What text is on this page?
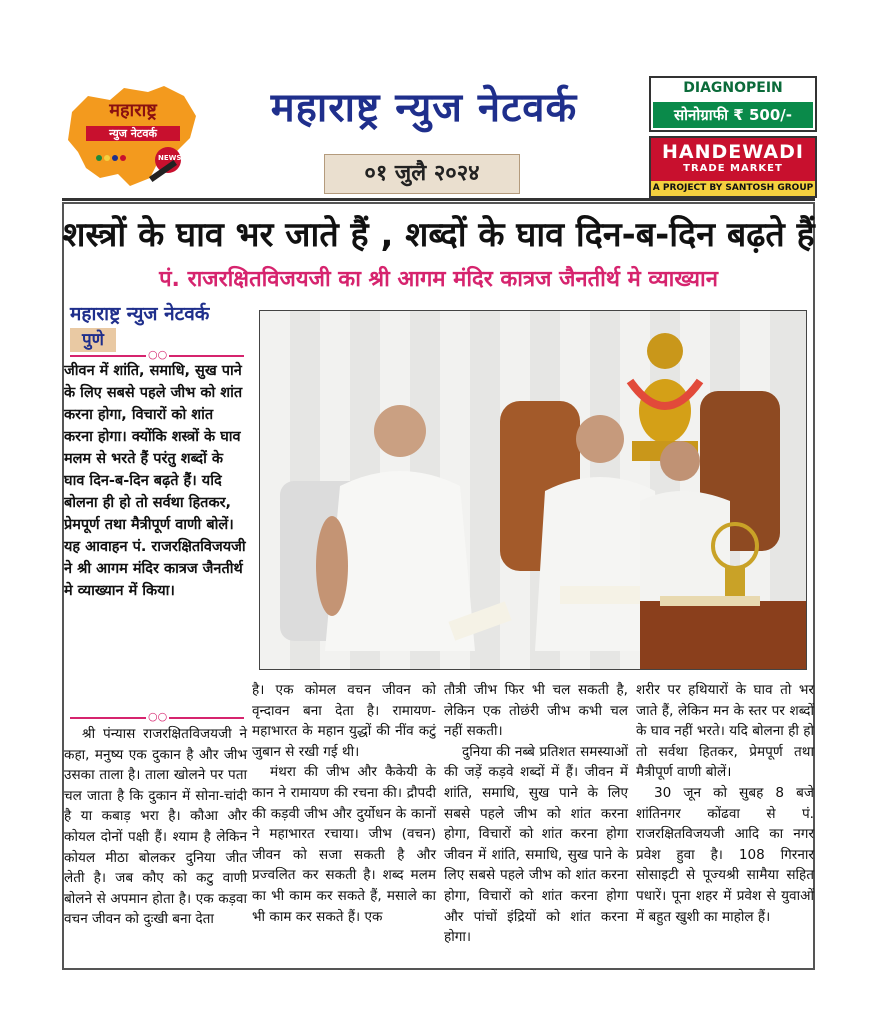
महाराष्ट्र
न्युज नेटवर्क
NEWS
महाराष्ट्र न्युज नेटवर्क
०१ जुलै २०२४
DIAGNOPEIN
सोनोग्राफी ₹ 500/-
HANDEWADI
TRADE MARKET
A PROJECT BY SANTOSH GROUP
शस्त्रों के घाव भर जाते हैं , शब्दों के घाव दिन-ब-दिन बढ़ते हैं
पं. राजरक्षितविजयजी का श्री आगम मंदिर कात्रज जैनतीर्थ मे व्याख्यान
महाराष्ट्र न्युज नेटवर्क
पुणे
○○
जीवन में शांति, समाधि, सुख पाने के लिए सबसे पहले जीभ को शांत करना होगा, विचारों को शांत करना होगा। क्योंकि शस्त्रों के घाव मलम से भरते हैं परंतु शब्दों के घाव दिन-ब-दिन बढ़ते हैं। यदि बोलना ही हो तो सर्वथा हितकर, प्रेमपूर्ण तथा मैत्रीपूर्ण वाणी बोलें। यह आवाहन पं. राजरक्षितविजयजी ने श्री आगम मंदिर कात्रज जैनतीर्थ मे व्याख्यान में किया।
○○

श्री पंन्यास राजरक्षितविजयजी ने कहा, मनुष्य एक दुकान है और जीभ उसका ताला है। ताला खोलने पर पता चल जाता है कि दुकान में सोना-चांदी है या कबाड़ भरा है। कौआ और कोयल दोनों पक्षी हैं। श्याम है लेकिन कोयल मीठा बोलकर दुनिया जीत लेती है। जब कौए को कटु वाणी बोलने से अपमान होता है। एक कड़वा वचन जीवन को दुःखी बना देता

है। एक कोमल वचन जीवन को वृन्दावन बना देता है। रामायण-महाभारत के महान युद्धों की नींव कटुं जुबान से रखी गई थी।

मंथरा की जीभ और कैकेयी के कान ने रामायण की रचना की। द्रौपदी की कड़वी जीभ और दुर्योधन के कानों ने महाभारत रचाया। जीभ (वचन) जीवन को सजा सकती है और प्रज्वलित कर सकती है। शब्द मलम का भी काम कर सकते हैं, मसाले का भी काम कर सकते हैं। एक

तौत्री जीभ फिर भी चल सकती है, लेकिन एक तोछंरी जीभ कभी चल नहीं सकती।

दुनिया की नब्बे प्रतिशत समस्याओं की जड़ें कड़वे शब्दों में हैं। जीवन में शांति, समाधि, सुख पाने के लिए सबसे पहले जीभ को शांत करना होगा, विचारों को शांत करना होगा जीवन में शांति, समाधि, सुख पाने के लिए सबसे पहले जीभ को शांत करना होगा, विचारों को शांत करना होगा और पांचों इंद्रियों को शांत करना होगा।

शरीर पर हथियारों के घाव तो भर जाते हैं, लेकिन मन के स्तर पर शब्दों के घाव नहीं भरते। यदि बोलना ही हो तो सर्वथा हितकर, प्रेमपूर्ण तथा मैत्रीपूर्ण वाणी बोलें।

30 जून को सुबह 8 बजे शांतिनगर कोंढवा से पं. राजरक्षितविजयजी आदि का नगर प्रवेश हुवा है। 108 गिरनार सोसाइटी से पूज्यश्री सामैया सहित पधारें। पूना शहर में प्रवेश से युवाओं में बहुत खुशी का माहोल हैं।
